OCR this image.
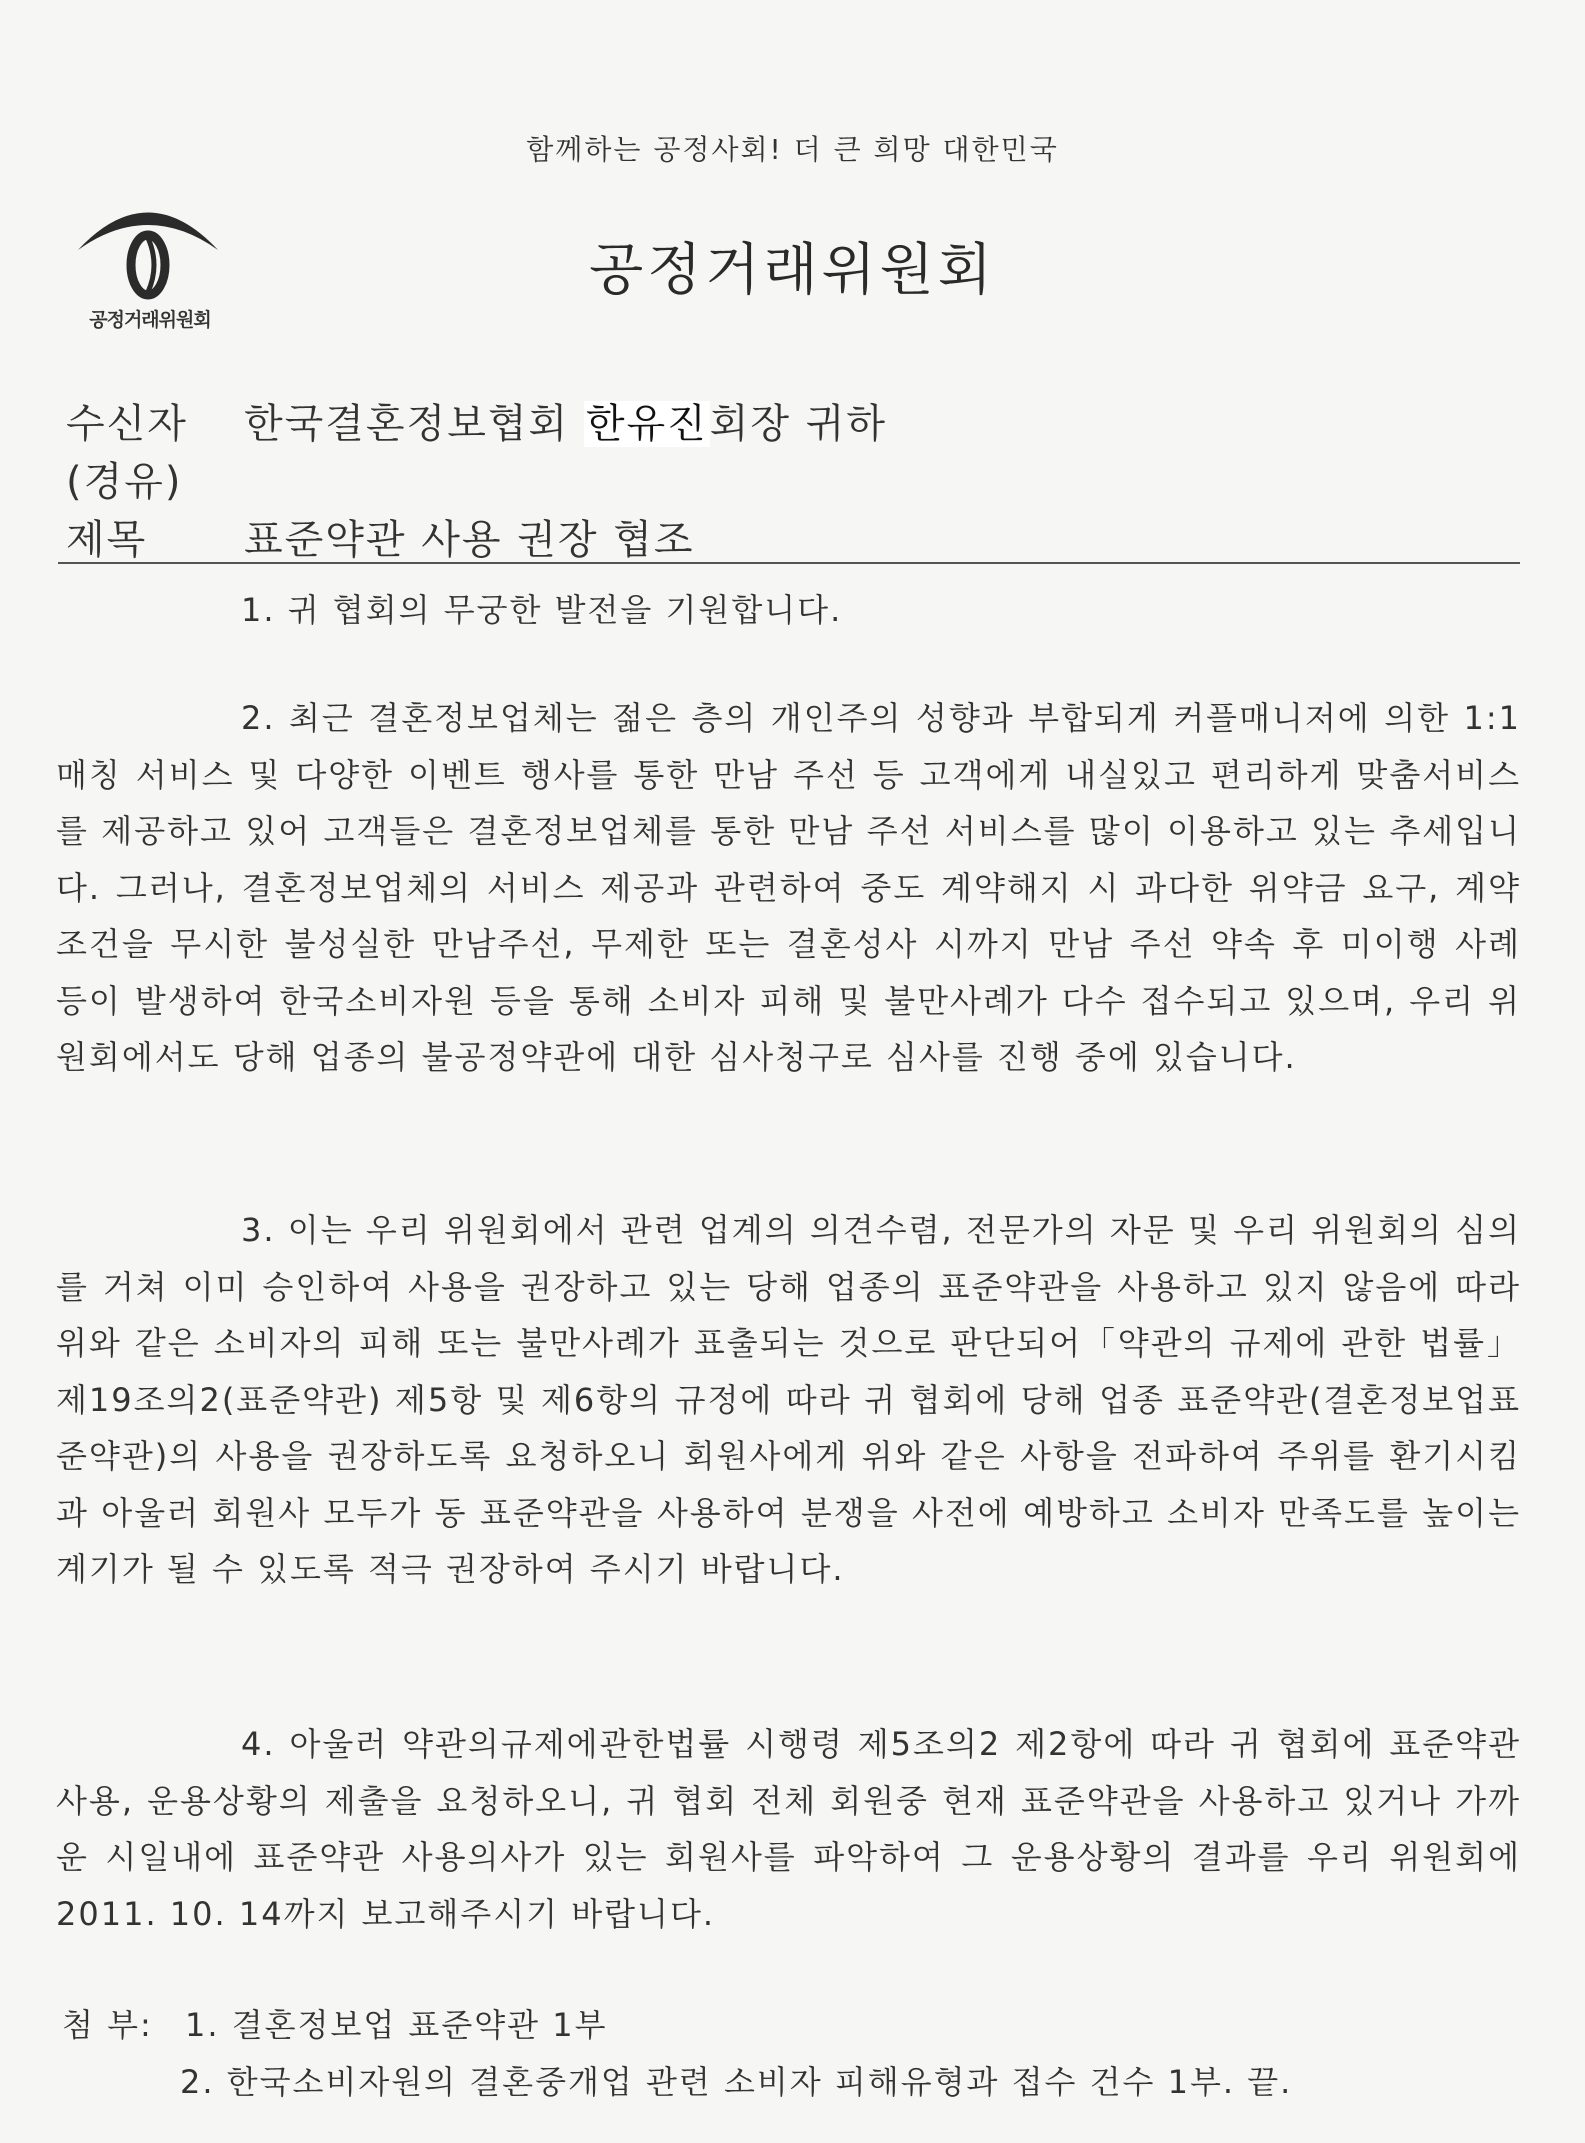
함께하는 공정사회! 더 큰 희망 대한민국
공정거래위원회
공정거래위원회
수신자 한국결혼정보협회 한유진회장 귀하
(경유)
제목 표준약관 사용 권장 협조

1. 귀 협회의 무궁한 발전을 기원합니다.

2. 최근 결혼정보업체는 젊은 층의 개인주의 성향과 부합되게 커플매니저에 의한 1:1 매칭 서비스 및 다양한 이벤트 행사를 통한 만남 주선 등 고객에게 내실있고 편리하게 맞춤서비스를 제공하고 있어 고객들은 결혼정보업체를 통한 만남 주선 서비스를 많이 이용하고 있는 추세입니다. 그러나, 결혼정보업체의 서비스 제공과 관련하여 중도 계약해지 시 과다한 위약금 요구, 계약조건을 무시한 불성실한 만남주선, 무제한 또는 결혼성사 시까지 만남 주선 약속 후 미이행 사례 등이 발생하여 한국소비자원 등을 통해 소비자 피해 및 불만사례가 다수 접수되고 있으며, 우리 위원회에서도 당해 업종의 불공정약관에 대한 심사청구로 심사를 진행 중에 있습니다.

3. 이는 우리 위원회에서 관련 업계의 의견수렴, 전문가의 자문 및 우리 위원회의 심의를 거쳐 이미 승인하여 사용을 권장하고 있는 당해 업종의 표준약관을 사용하고 있지 않음에 따라 위와 같은 소비자의 피해 또는 불만사례가 표출되는 것으로 판단되어「약관의 규제에 관한 법률」제19조의2(표준약관) 제5항 및 제6항의 규정에 따라 귀 협회에 당해 업종 표준약관(결혼정보업표준약관)의 사용을 권장하도록 요청하오니 회원사에게 위와 같은 사항을 전파하여 주위를 환기시킴과 아울러 회원사 모두가 동 표준약관을 사용하여 분쟁을 사전에 예방하고 소비자 만족도를 높이는 계기가 될 수 있도록 적극 권장하여 주시기 바랍니다.

4. 아울러 약관의규제에관한법률 시행령 제5조의2 제2항에 따라 귀 협회에 표준약관 사용, 운용상황의 제출을 요청하오니, 귀 협회 전체 회원중 현재 표준약관을 사용하고 있거나 가까운 시일내에 표준약관 사용의사가 있는 회원사를 파악하여 그 운용상황의 결과를 우리 위원회에 2011. 10. 14까지 보고해주시기 바랍니다.

첨 부:1. 결혼정보업 표준약관 1부
2. 한국소비자원의 결혼중개업 관련 소비자 피해유형과 접수 건수 1부. 끝.
